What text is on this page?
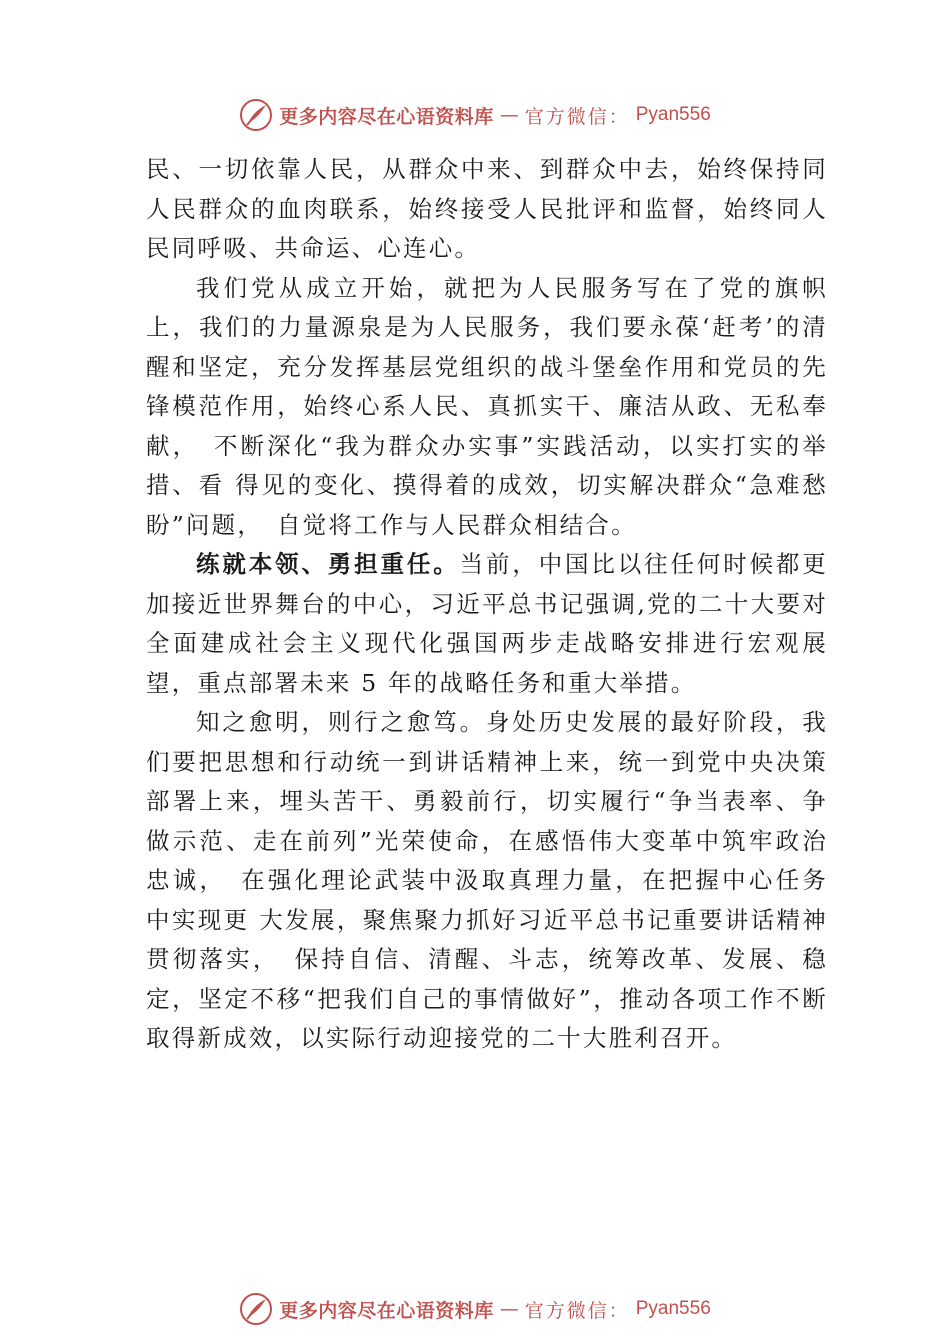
更多内容尽在心语资料库 — 官方微信： Pyan556

民、一切依靠人民，从群众中来、到群众中去，始终保持同人民群众的血肉联系，始终接受人民批评和监督，始终同人民同呼吸、共命运、心连心。

我们党从成立开始，就把为人民服务写在了党的旗帜上，我们的力量源泉是为人民服务，我们要永葆‘赶考’的清醒和坚定，充分发挥基层党组织的战斗堡垒作用和党员的先锋模范作用，始终心系人民、真抓实干、廉洁从政、无私奉献，　不断深化“我为群众办实事”实践活动，以实打实的举措、看 得见的变化、摸得着的成效，切实解决群众“急难愁盼”问题，　自觉将工作与人民群众相结合。

练就本领、勇担重任。当前，中国比以往任何时候都更加接近世界舞台的中心，习近平总书记强调,党的二十大要对全面建成社会主义现代化强国两步走战略安排进行宏观展望，重点部署未来 5 年的战略任务和重大举措。

知之愈明，则行之愈笃。身处历史发展的最好阶段，我们要把思想和行动统一到讲话精神上来，统一到党中央决策部署上来，埋头苦干、勇毅前行，切实履行“争当表率、争做示范、走在前列”光荣使命，在感悟伟大变革中筑牢政治忠诚，　在强化理论武装中汲取真理力量，在把握中心任务中实现更 大发展，聚焦聚力抓好习近平总书记重要讲话精神贯彻落实，　保持自信、清醒、斗志，统筹改革、发展、稳定，坚定不移“把我们自己的事情做好”，推动各项工作不断取得新成效，以实际行动迎接党的二十大胜利召开。

更多内容尽在心语资料库 — 官方微信： Pyan556
